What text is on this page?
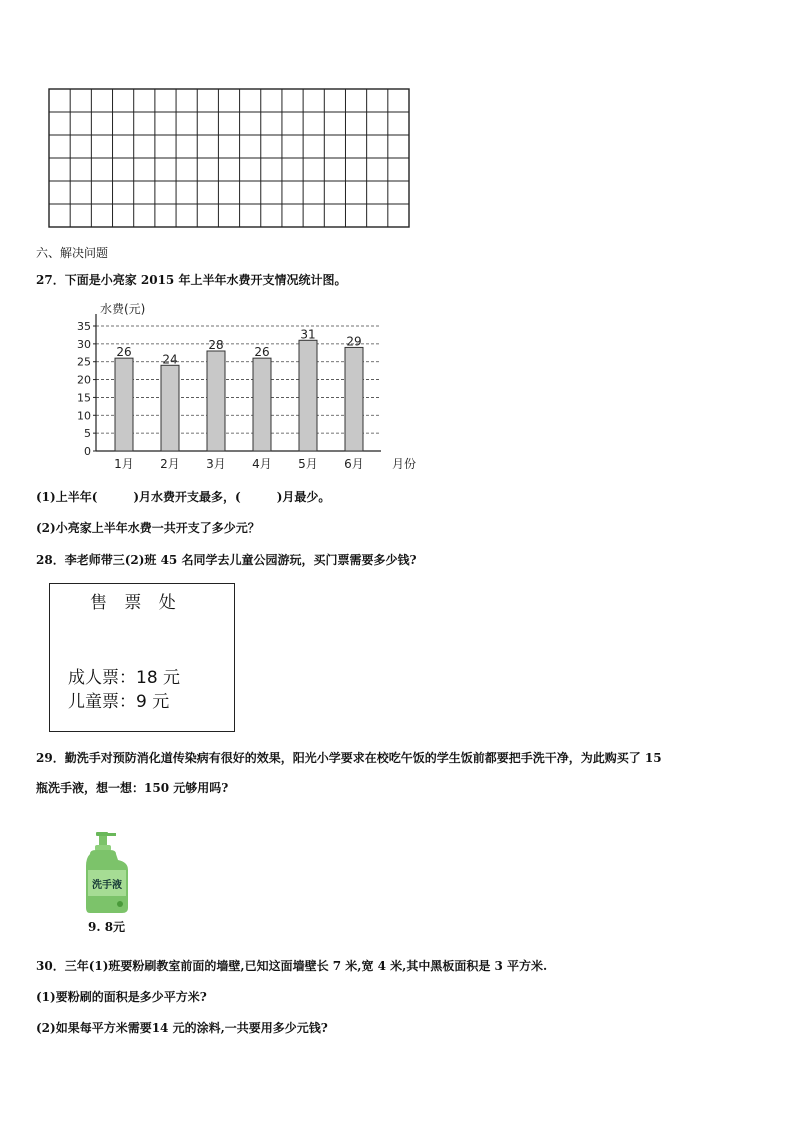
六、解决问题
27．下面是小亮家 2015 年上半年水费开支情况统计图。
0
5
10
15
20
25
30
35
水费(元)
26
1月
24
2月
28
3月
26
4月
31
5月
29
6月 月份
(1)上半年(　　　)月水费开支最多，(　　　)月最少。
(2)小亮家上半年水费一共开支了多少元？
28．李老师带三(2)班 45 名同学去儿童公园游玩，买门票需要多少钱?
售 票 处
成人票：18 元
儿童票：9 元
29．勤洗手对预防消化道传染病有很好的效果，阳光小学要求在校吃午饭的学生饭前都要把手洗干净，为此购买了 15
瓶洗手液，想一想：150 元够用吗?
洗手液
9. 8元
30．三年(1)班要粉刷教室前面的墙壁,已知这面墙壁长 7 米,宽 4 米,其中黑板面积是 3 平方米.
(1)要粉刷的面积是多少平方米?
(2)如果每平方米需要14 元的涂料,一共要用多少元钱?
